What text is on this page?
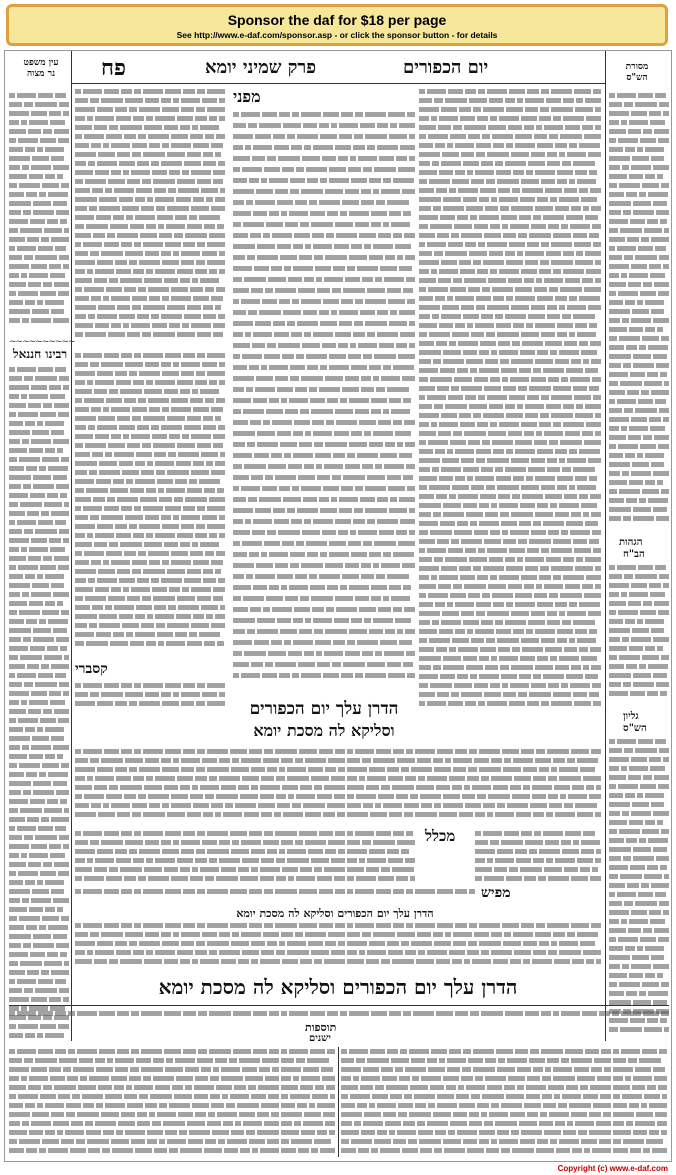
Sponsor the daf for $18 per page
See http://www.e-daf.com/sponsor.asp - or click the sponsor button - for details
עין משפט
נר מצוה	פח	פרק שמיני יומא	יום הכפורים	מסורת
הש"ס
~~~~~~~~~~
רבינו חננאל
קסברי
מפני
הדרן עלך יום הכפורים
וסליקא לה מסכת יומא
הגהות
הב"ח
גליון
הש"ס
מכלל
מפיש
הדרן עלך יום הכפורים וסליקא לה מסכת יומא
הדרן עלך יום הכפורים וסליקא לה מסכת יומא
תוספות
ישנים
Copyright (c) www.e-daf.com
